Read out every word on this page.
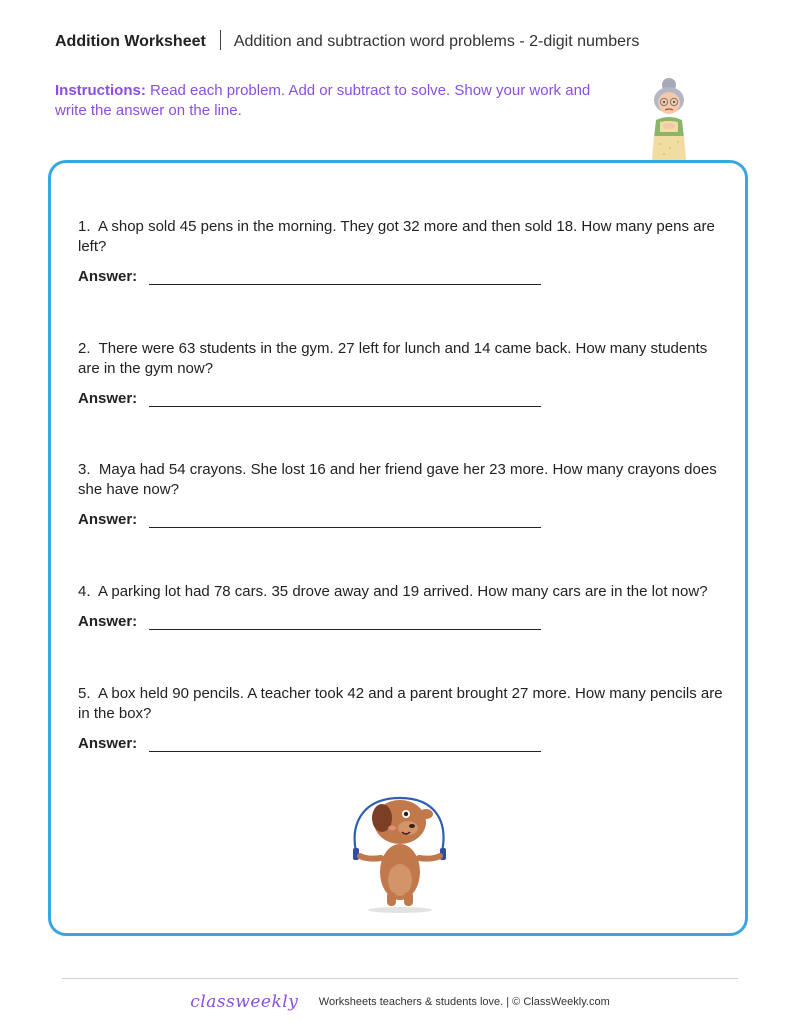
Addition Worksheet Addition and subtraction word problems - 2-digit numbers
Instructions: Read each problem. Add or subtract to solve. Show your work and write the answer on the line.

1. A shop sold 45 pens in the morning. They got 32 more and then sold 18. How many pens are left?

Answer:

2. There were 63 students in the gym. 27 left for lunch and 14 came back. How many students are in the gym now?

Answer:

3. Maya had 54 crayons. She lost 16 and her friend gave her 23 more. How many crayons does she have now?

Answer:

4. A parking lot had 78 cars. 35 drove away and 19 arrived. How many cars are in the lot now?

Answer:

5. A box held 90 pencils. A teacher took 42 and a parent brought 27 more. How many pencils are in the box?

Answer:
classweekly Worksheets teachers & students love. | © ClassWeekly.com
